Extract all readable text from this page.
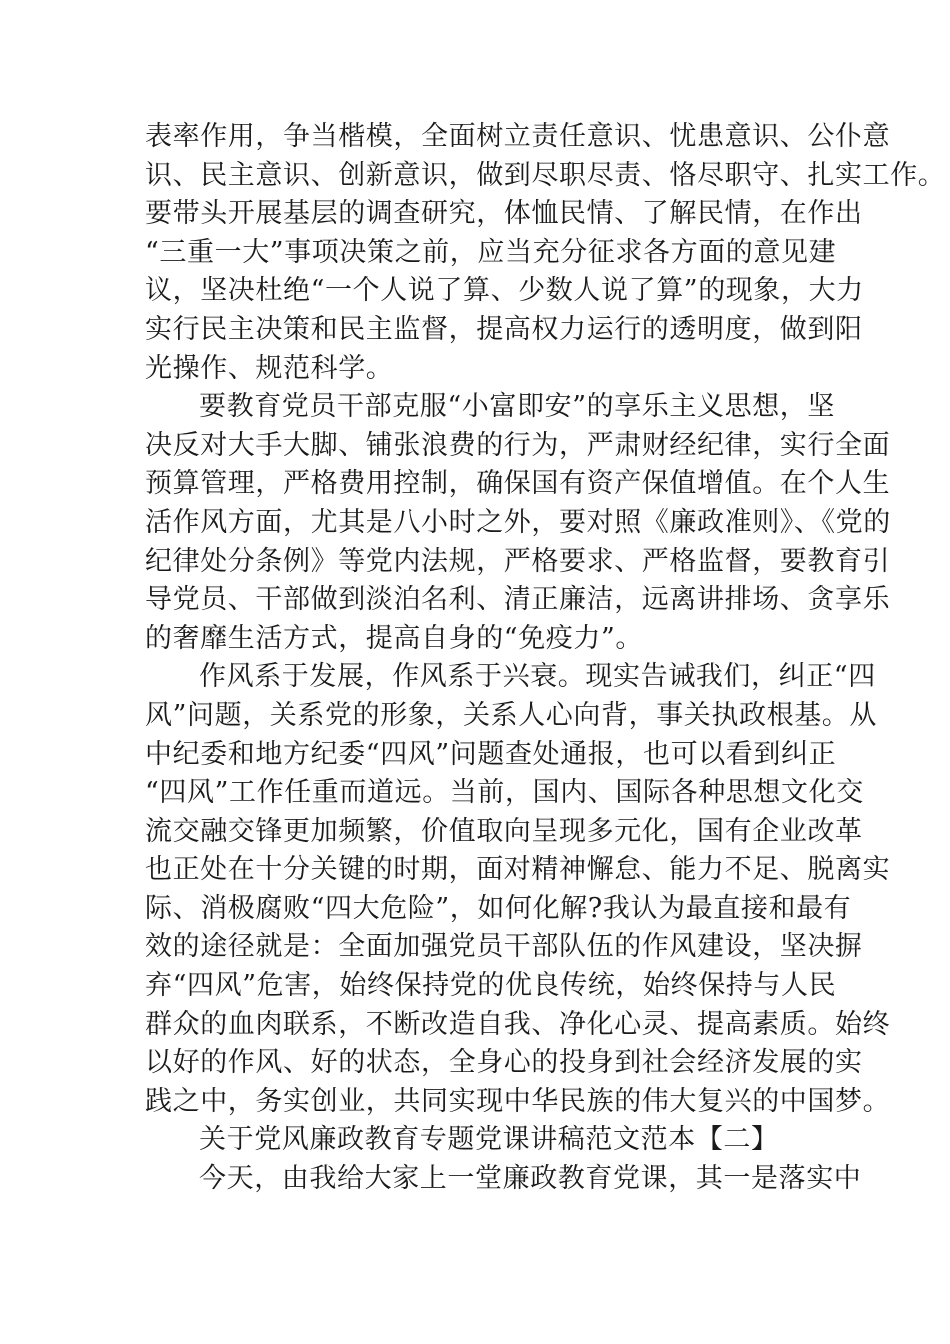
表率作用，争当楷模，全面树立责任意识、忧患意识、公仆意
识、民主意识、创新意识，做到尽职尽责、恪尽职守、扎实工作。
要带头开展基层的调查研究，体恤民情、了解民情，在作出
“三重一大”事项决策之前，应当充分征求各方面的意见建
议，坚决杜绝“一个人说了算、少数人说了算”的现象，大力
实行民主决策和民主监督，提高权力运行的透明度，做到阳
光操作、规范科学。
要教育党员干部克服“小富即安”的享乐主义思想，坚
决反对大手大脚、铺张浪费的行为，严肃财经纪律，实行全面
预算管理，严格费用控制，确保国有资产保值增值。在个人生
活作风方面，尤其是八小时之外，要对照《廉政准则》、《党的
纪律处分条例》等党内法规，严格要求、严格监督，要教育引
导党员、干部做到淡泊名利、清正廉洁，远离讲排场、贪享乐
的奢靡生活方式，提高自身的“免疫力”。
作风系于发展，作风系于兴衰。现实告诫我们，纠正“四
风”问题，关系党的形象，关系人心向背，事关执政根基。从
中纪委和地方纪委“四风”问题查处通报，也可以看到纠正
“四风”工作任重而道远。当前，国内、国际各种思想文化交
流交融交锋更加频繁，价值取向呈现多元化，国有企业改革
也正处在十分关键的时期，面对精神懈怠、能力不足、脱离实
际、消极腐败“四大危险”，如何化解?我认为最直接和最有
效的途径就是：全面加强党员干部队伍的作风建设，坚决摒
弃“四风”危害，始终保持党的优良传统，始终保持与人民
群众的血肉联系，不断改造自我、净化心灵、提高素质。始终
以好的作风、好的状态，全身心的投身到社会经济发展的实
践之中，务实创业，共同实现中华民族的伟大复兴的中国梦。
关于党风廉政教育专题党课讲稿范文范本【二】
今天，由我给大家上一堂廉政教育党课，其一是落实中
